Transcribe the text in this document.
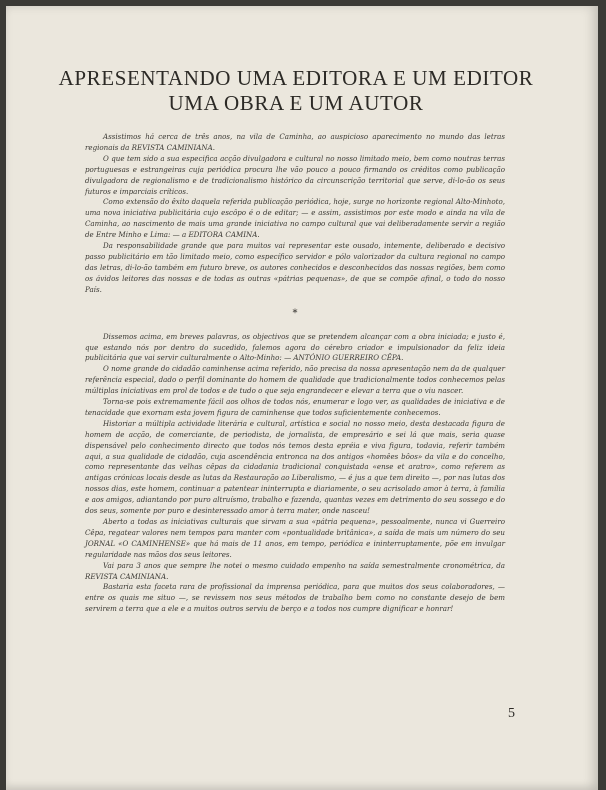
APRESENTANDO UMA EDITORA E UM EDITOR
UMA OBRA E UM AUTOR

Assistimos há cerca de três anos, na vila de Caminha, ao auspicioso aparecimento no mundo das letras regionais da REVISTA CAMINIANA.

O que tem sido a sua especifica acção divulgadora e cultural no nosso limitado meio, bem como noutras terras portuguesas e estrangeiras cuja periódica procura lhe vão pouco a pouco firmando os créditos como publicação divulgadora de regionalismo e de tradicionalismo histórico da circunscrição territorial que serve, di-lo-ão os seus futuros e imparciais críticos.

Como extensão do êxito daquela referida publicação periódica, hoje, surge no horizonte regional Alto-Minhoto, uma nova iniciativa publicitária cujo escôpo é o de editar; — e assim, assistimos por este modo e ainda na vila de Caminha, ao nascimento de mais uma grande iniciativa no campo cultural que vai deliberadamente servir a região de Entre Minho e Lima: — a EDITORA CAMINA.

Da responsabilidade grande que para muitos vai representar este ousado, intemente, deliberado e decisivo passo publicitário em tão limitado meio, como específico servidor e pólo valorizador da cultura regional no campo das letras, di-lo-ão também em futuro breve, os autores conhecidos e desconhecidos das nossas regiões, bem como os ávidos leitores das nossas e de todas as outras «pátrias pequenas», de que se compõe afinal, o todo do nosso País.

*

Dissemos acima, em breves palavras, os objectivos que se pretendem alcançar com a obra iniciada; e justo é, que estando nós por dentro do sucedido, falemos agora do cérebro criador e impulsionador da feliz ideia publicitária que vai servir culturalmente o Alto-Minho: — ANTÓNIO GUERREIRO CÊPA.

O nome grande do cidadão caminhense acima referido, não precisa da nossa apresentação nem da de qualquer referência especial, dado o perfil dominante do homem de qualidade que tradicionalmente todos conhecemos pelas múltiplas iniciativas em prol de todos e de tudo o que seja engrandecer e elevar a terra que o viu nascer.

Torna-se pois extremamente fácil aos olhos de todos nós, enumerar e logo ver, as qualidades de iniciativa e de tenacidade que exornam esta jovem figura de caminhense que todos suficientemente conhecemos.

Historiar a múltipla actividade literária e cultural, artística e social no nosso meio, desta destacada figura de homem de acção, de comerciante, de periodista, de jornalista, de empresário e sei lá que mais, seria quase dispensável pelo conhecimento directo que todos nós temos desta epréia e viva figura, todavia, referir também aqui, a sua qualidade de cidadão, cuja ascendência entronca na dos antigos «homêes bôos» da vila e do concelho, como representante das velhas cêpas da cidadania tradicional conquistada «ense et aratro», como referem as antigas crónicas locais desde as lutas da Restauração ao Liberalismo, — é jus a que tem direito —, por nas lutas dos nossos dias, este homem, continuar a patentear ininterrupta e diariamente, o seu acrisolado amor à terra, à família e aos amigos, adiantando por puro altruísmo, trabalho e fazenda, quantas vezes em detrimento do seu sossego e do dos seus, somente por puro e desinteressado amor à terra mater, onde nasceu!

Aberto a todas as iniciativas culturais que sirvam a sua «pátria pequena», pessoalmente, nunca vi Guerreiro Cêpa, regatear valores nem tempos para manter com «pontualidade britânica», a saída de mais um número do seu JORNAL «O CAMINHENSE» que há mais de 11 anos, em tempo, periódica e ininterruptamente, põe em invulgar regularidade nas mãos dos seus leitores.

Vai para 3 anos que sempre lhe notei o mesmo cuidado empenho na saída semestralmente cronométrica, da REVISTA CAMINIANA.

Bastaria esta faceta rara de profissional da imprensa periódica, para que muitos dos seus colaboradores, — entre os quais me situo —, se revissem nos seus métodos de trabalho bem como no constante desejo de bem servirem a terra que a ele e a muitos outros serviu de berço e a todos nos cumpre dignificar e honrar!

5
